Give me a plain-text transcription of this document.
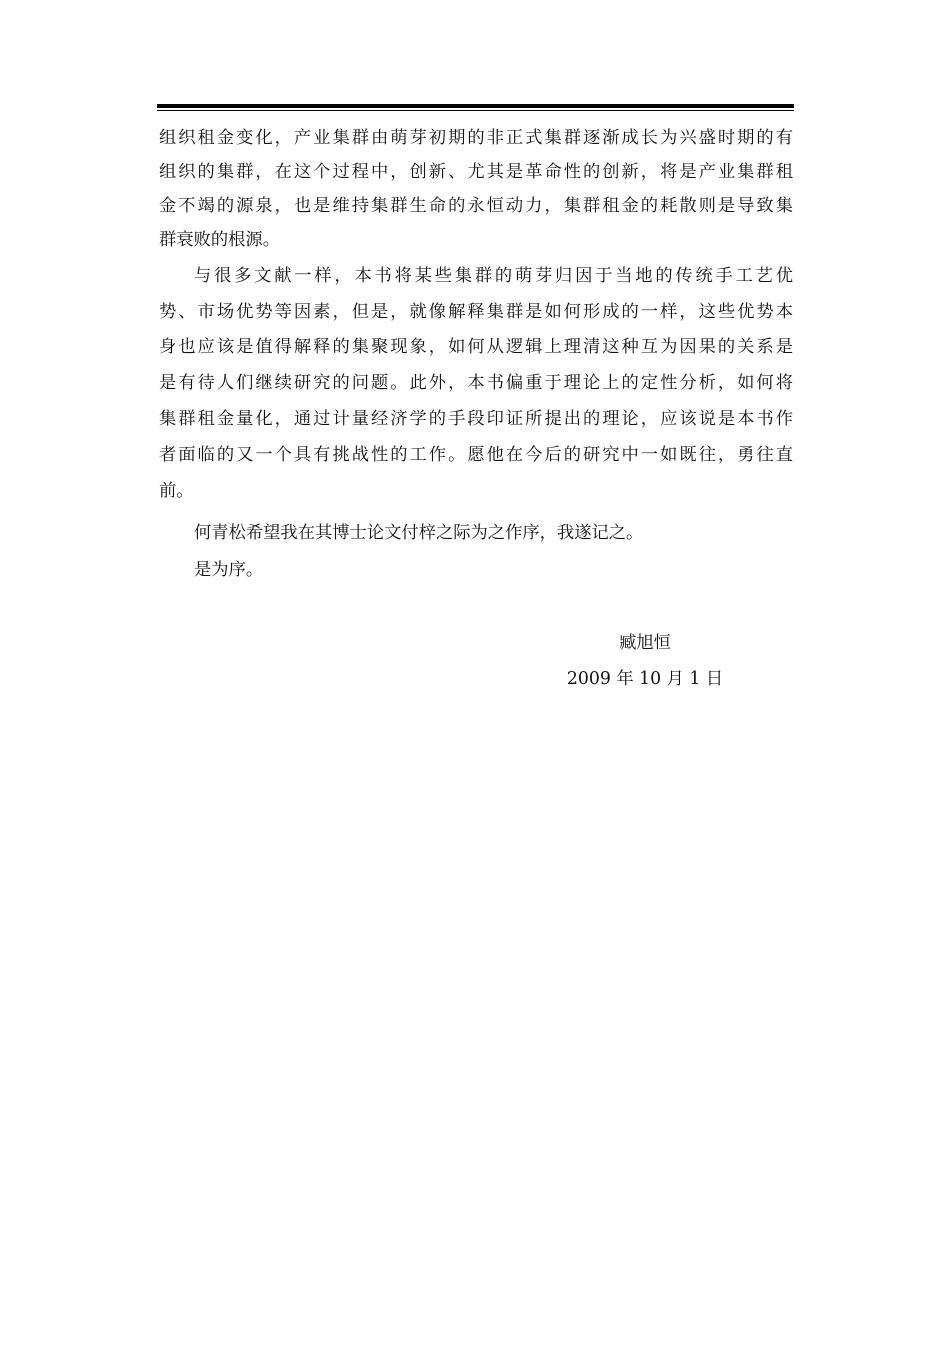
组织租金变化，产业集群由萌芽初期的非正式集群逐渐成长为兴盛时期的有
组织的集群，在这个过程中，创新、尤其是革命性的创新，将是产业集群租
金不竭的源泉，也是维持集群生命的永恒动力，集群租金的耗散则是导致集
群衰败的根源。
与很多文献一样，本书将某些集群的萌芽归因于当地的传统手工艺优
势、市场优势等因素，但是，就像解释集群是如何形成的一样，这些优势本
身也应该是值得解释的集聚现象，如何从逻辑上理清这种互为因果的关系是
是有待人们继续研究的问题。此外，本书偏重于理论上的定性分析，如何将
集群租金量化，通过计量经济学的手段印证所提出的理论，应该说是本书作
者面临的又一个具有挑战性的工作。愿他在今后的研究中一如既往，勇往直
前。
何青松希望我在其博士论文付梓之际为之作序，我遂记之。
是为序。
臧旭恒
2009 年 10 月 1 日
